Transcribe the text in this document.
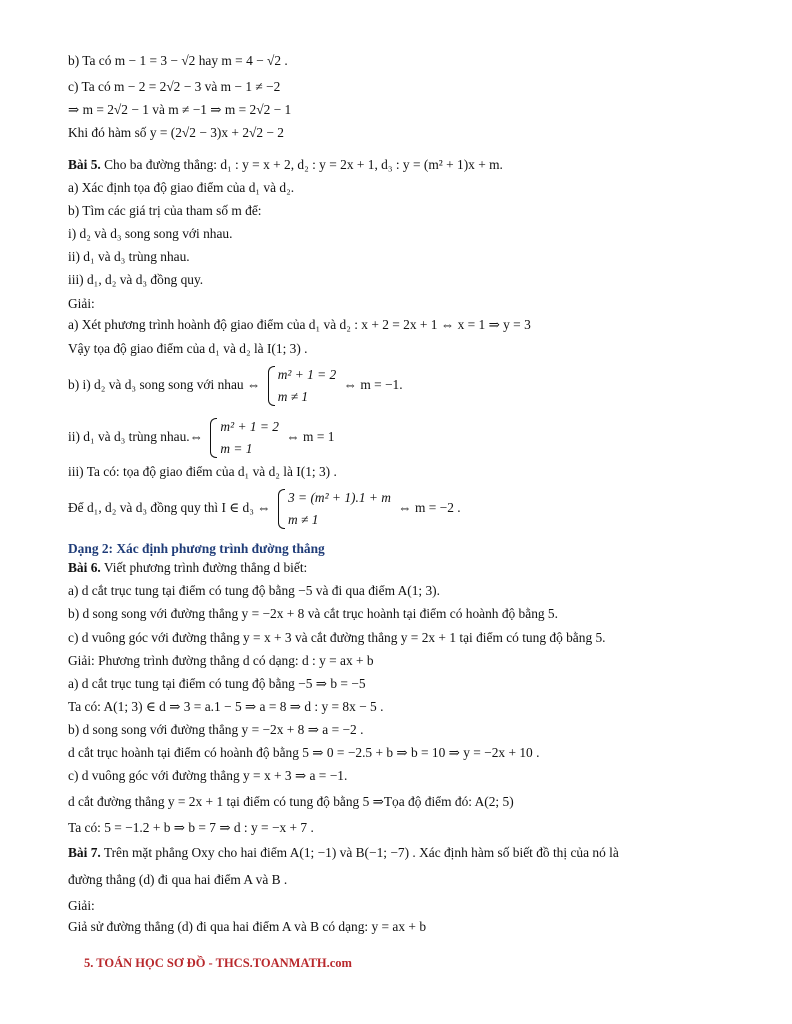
b) Ta có m − 1 = 3 − √2 hay m = 4 − √2 .
c) Ta có m − 2 = 2√2 − 3 và m − 1 ≠ −2
⇒ m = 2√2 − 1 và m ≠ −1 ⇒ m = 2√2 − 1
Khi đó hàm số y = (2√2 − 3)x + 2√2 − 2
Bài 5. Cho ba đường thẳng: d₁ : y = x + 2, d₂ : y = 2x + 1, d₃ : y = (m² + 1)x + m.
a) Xác định tọa độ giao điểm của d₁ và d₂.
b) Tìm các giá trị của tham số m để:
i) d₂ và d₃ song song với nhau.
ii) d₁ và d₃ trùng nhau.
iii) d₁, d₂ và d₃ đồng quy.
Giải:
a) Xét phương trình hoành độ giao điểm của d₁ và d₂ : x + 2 = 2x + 1 ⇔ x = 1 ⇒ y = 3
Vậy tọa độ giao điểm của d₁ và d₂ là I(1; 3) .
b) i) d₂ và d₃ song song với nhau ⇔
m² + 1 = 2
m ≠ 1
⇔ m = −1.
ii) d₁ và d₃ trùng nhau.⇔
m² + 1 = 2
m = 1
⇔ m = 1
iii) Ta có: tọa độ giao điểm của d₁ và d₂ là I(1; 3) .
Để d₁, d₂ và d₃ đồng quy thì I ∈ d₃ ⇔
3 = (m² + 1).1 + m
m ≠ 1
⇔ m = −2 .
Dạng 2: Xác định phương trình đường thẳng
Bài 6. Viết phương trình đường thẳng d biết:
a) d cắt trục tung tại điểm có tung độ bằng −5 và đi qua điểm A(1; 3).
b) d song song với đường thẳng y = −2x + 8 và cắt trục hoành tại điểm có hoành độ bằng 5.
c) d vuông góc với đường thẳng y = x + 3 và cắt đường thẳng y = 2x + 1 tại điểm có tung độ bằng 5.
Giải: Phương trình đường thẳng d có dạng: d : y = ax + b
a) d cắt trục tung tại điểm có tung độ bằng −5 ⇒ b = −5
Ta có: A(1; 3) ∈ d ⇒ 3 = a.1 − 5 ⇒ a = 8 ⇒ d : y = 8x − 5 .
b) d song song với đường thẳng y = −2x + 8 ⇒ a = −2 .
d cắt trục hoành tại điểm có hoành độ bằng 5 ⇒ 0 = −2.5 + b ⇒ b = 10 ⇒ y = −2x + 10 .
c) d vuông góc với đường thẳng y = x + 3 ⇒ a = −1.
d cắt đường thẳng y = 2x + 1 tại điểm có tung độ bằng 5 ⇒Tọa độ điểm đó: A(2; 5)
Ta có: 5 = −1.2 + b ⇒ b = 7 ⇒ d : y = −x + 7 .
Bài 7. Trên mặt phẳng Oxy cho hai điểm A(1; −1) và B(−1; −7) . Xác định hàm số biết đồ thị của nó là
đường thẳng (d) đi qua hai điểm A và B .
Giải:
Giả sử đường thẳng (d) đi qua hai điểm A và B có dạng: y = ax + b
5. TOÁN HỌC SƠ ĐỒ - THCS.TOANMATH.com
